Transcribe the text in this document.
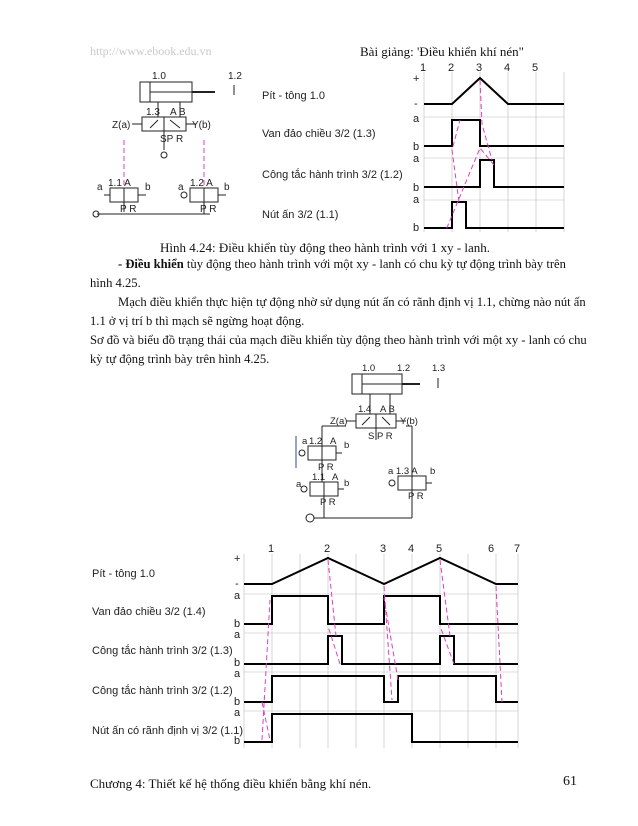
http://www.ebook.edu.vn	Bài giảng: 'Điều khiển khí nén"
1.0	1.2
1.3 A B
Z(a)	Y(b)
SP R
1.1 A	1.2 A
a	b	a	b
P R	P R
Pít - tông 1.0
Van đảo chiều 3/2 (1.3)
Công tắc hành trình 3/2 (1.2)
Nút ấn 3/2 (1.1)
1 2 3 4 5
+
-
a
b
a
b
a
b
Hình 4.24: Điều khiển tùy động theo hành trình với 1 xy - lanh.
- Điều khiển tùy động theo hành trình với một xy - lanh có chu kỳ tự động trình bày trên hình 4.25.
Mạch điều khiển thực hiện tự động nhờ sử dụng nút ấn có rãnh định vị 1.1, chừng nào nút ấn 1.1 ở vị trí b thì mạch sẽ ngừng hoạt động.
Sơ đồ và biểu đồ trạng thái của mạch điều khiển tùy động theo hành trình với một xy - lanh có chu kỳ tự động trình bày trên hình 4.25.
1.0 1.2 1.3
Z(a)
1.4 A B
Y(b)
S P R
1.2 A
a	b
P R
1.1 A
a	b
P R
a 1.3 A b
P R
1	2	3 4 5	6 7
+
-
a
b
a
b
a
b
a
b
Pít - tông 1.0
Van đảo chiều 3/2 (1.4)
Công tắc hành trình 3/2 (1.3)
Công tắc hành trình 3/2 (1.2)
Nút ấn có rãnh định vị 3/2 (1.1)
Chương 4: Thiết kế hệ thống điều khiển bằng khí nén.	61
